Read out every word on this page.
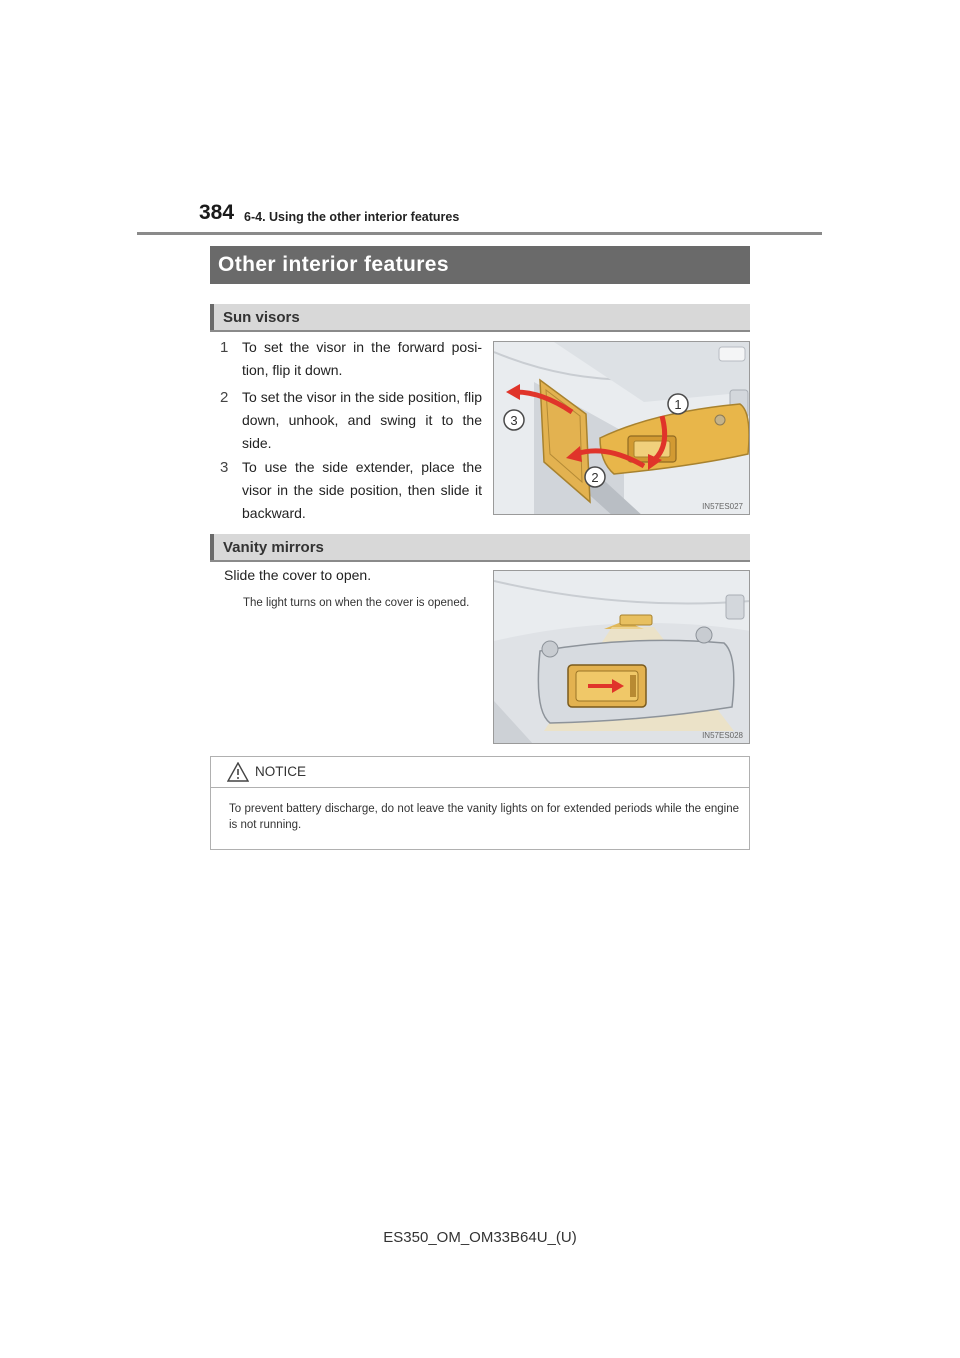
384 6-4. Using the other interior features
Other interior features
Sun visors
1 To set the visor in the forward posi-tion, flip it down.
2 To set the visor in the side position, flip down, unhook, and swing it to the side.
3 To use the side extender, place the visor in the side position, then slide it backward.
1
2
3
IN57ES027
Vanity mirrors
Slide the cover to open.
The light turns on when the cover is opened.
IN57ES028
NOTICE
To prevent battery discharge, do not leave the vanity lights on for extended periods while the engine is not running.
ES350_OM_OM33B64U_(U)
